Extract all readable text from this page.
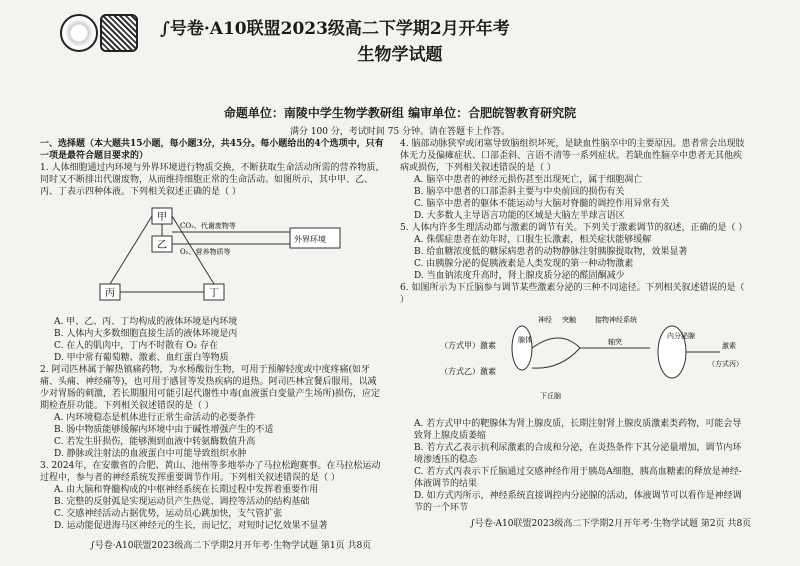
∫号卷·A10联盟2023级高二下学期2月开年考
生物学试题
命题单位：南陵中学生物学教研组 编审单位：合肥皖智教育研究院
满分 100 分，考试时间 75 分钟。请在答题卡上作答。

一、选择题（本大题共15小题，每小题3分，共45分。每小题给出的4个选项中，只有一项是最符合题目要求的）

1. 人体细胞通过内环境与外界环境进行物质交换，不断获取生命活动所需的营养物质，同时又不断排出代谢废物，从而维持细胞正常的生命活动。如图所示，其中甲、乙、丙、丁表示四种体液。下列相关叙述正确的是（ ）

甲
乙
丙	丁
CO₂、代谢废物等
O₂、营养物质等
外界环境

A. 甲、乙、丙、丁均构成的液体环境是内环境

B. 人体内大多数细胞直接生活的液体环境是丙

C. 在人的肌肉中，丁内不时散有 O₂ 存在

D. 甲中常有葡萄糖、激素、血红蛋白等物质

2. 阿司匹林属于解热镇痛药物，为水杨酸衍生物，可用于预解轻度或中度疼痛(如牙痛、头痛、神经痛等)，也可用于感冒等发热疾病的退热。阿司匹林宜餐后服用，以减少对胃肠的刺激，若长期服用可能引起代谢性中毒(血液蛋白变量产生场所)损伤，应定期检查肝功能。下列相关叙述错误的是（ ）

A. 内环境稳态是机体进行正常生命活动的必要条件

B. 肠中物质能够缓解内环境中由于碱性增强产生的不适

C. 若发生肝损伤，能够测到血液中转氨酶数值升高

D. 静脉或注射法的血液蛋白中可能导致组织水肿

3. 2024年，在安徽省的合肥、黄山、池州等多地举办了马拉松跑赛事。在马拉松运动过程中，参与者的神经系统发挥重要调节作用。下列相关叙述错误的是（ ）

A. 由大脑和脊髓构成的中枢神经系统在长期过程中发挥着重要作用

B. 完整的反射弧是实现运动员产生热觉、调控等活动的结构基础

C. 交感神经活动占据优势，运动员心跳加快，支气管扩张

D. 运动能促进海马区神经元的生长，而记忆，对短时记忆效果不显著

4. 脑部动脉狭窄或闭塞导致脑组织坏死，是缺血性脑卒中的主要原因。患者常会出现肢体无力及偏瘫症状、口部歪斜、言语不清等一系列症状。若缺血性脑卒中患者无其他疾病或损伤，下列相关叙述错误的是（ ）

A. 脑卒中患者的神经元损伤甚至出现死亡，属于细胞凋亡

B. 脑卒中患者的口部歪斜主要与中央前回的损伤有关

C. 脑卒中患者的躯体不能运动与大脑对脊髓的调控作用异常有关

D. 大多数人主导语言功能的区域是大脑左半球言语区

5. 人体内许多生理活动都与激素的调节有关。下列关于激素调节的叙述，正确的是（ ）

A. 侏儒症患者在幼年时，口服生长激素，相关症状能够缓解

B. 给血糖浓度低的糖尿病患者的动物静脉注射胰腺提取物，效果显著

C. 由胰腺分泌的促胰液素是人类发现的第一种动物激素

D. 当血钠浓度升高时，肾上腺皮质分泌的醛固酮减少

6. 如图所示为下丘脑参与调节某些激素分泌的三种不同途径。下列相关叙述错误的是（ ）

（方式甲）激素
（方式乙）激素
腺体
神经 突触
下丘脑
轴突
接物神经系统
内分泌腺
激素
（方式丙）

A. 若方式甲中的靶腺体为肾上腺皮质，长期注射肾上腺皮质激素类药物，可能会导致肾上腺皮质萎缩

B. 若方式乙表示抗利尿激素的合成和分泌，在炎热条件下其分泌量增加，调节内环境渗透压的稳态

C. 若方式丙表示下丘脑通过交感神经作用于胰岛A细胞，胰高血糖素的释放是神经-体液调节的结果

D. 如方式丙所示，神经系统直接调控内分泌腺的活动，体液调节可以看作是神经调节的一个环节

∫号卷·A10联盟2023级高二下学期2月开年考·生物学试题 第1页 共8页
∫号卷·A10联盟2023级高二下学期2月开年考·生物学试题 第2页 共8页
